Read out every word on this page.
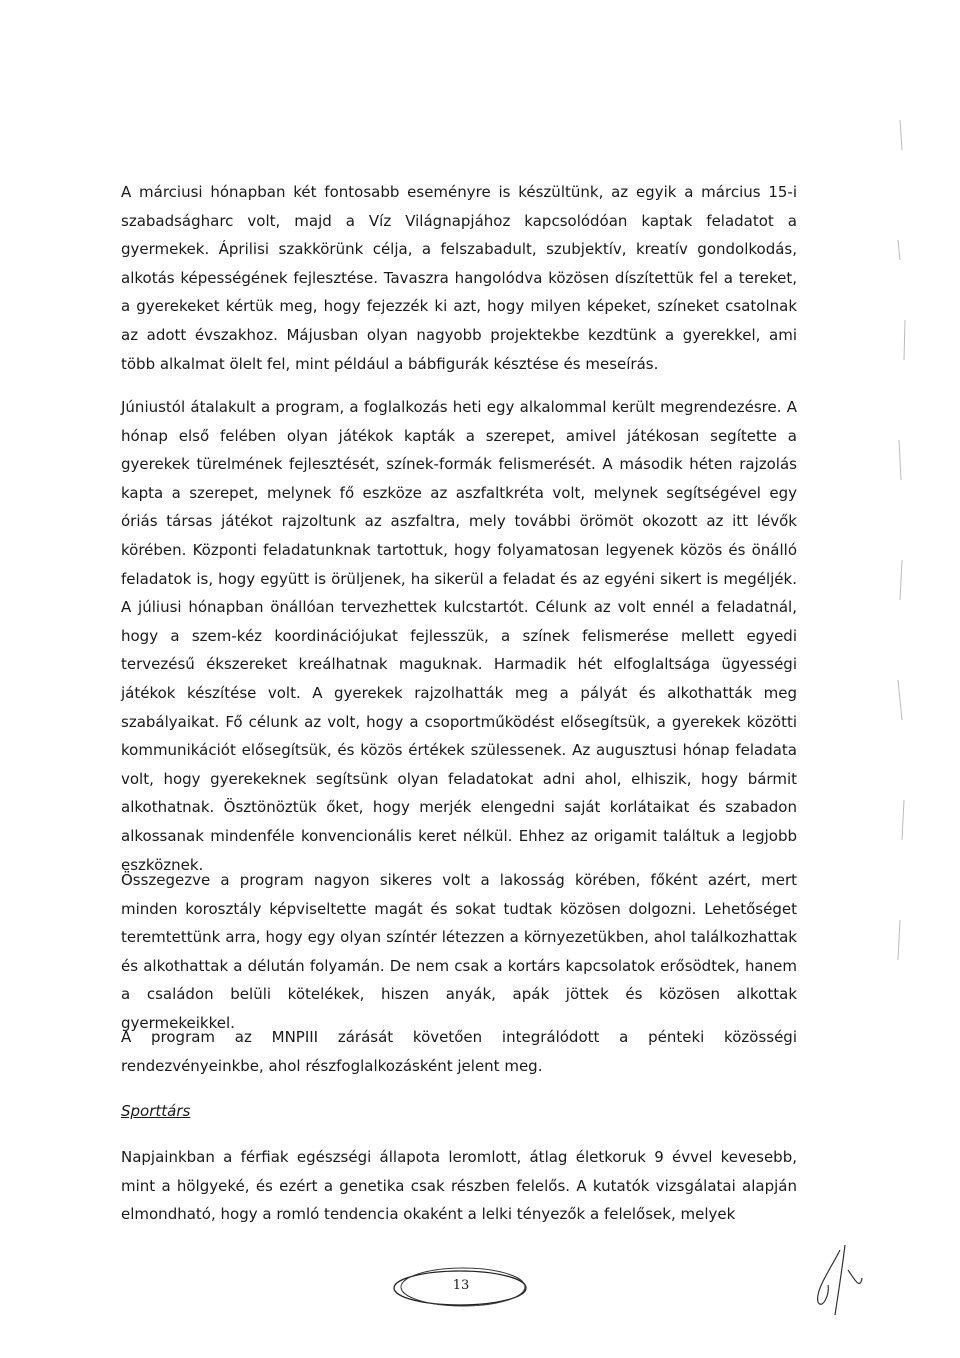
A márciusi hónapban két fontosabb eseményre is készültünk, az egyik a március 15-i szabadságharc volt, majd a Víz Világnapjához kapcsolódóan kaptak feladatot a gyermekek. Áprilisi szakkörünk célja, a felszabadult, szubjektív, kreatív gondolkodás, alkotás képességének fejlesztése. Tavaszra hangolódva közösen díszítettük fel a tereket, a gyerekeket kértük meg, hogy fejezzék ki azt, hogy milyen képeket, színeket csatolnak az adott évszakhoz. Májusban olyan nagyobb projektekbe kezdtünk a gyerekkel, ami több alkalmat ölelt fel, mint például a bábfigurák késztése és meseírás.

Júniustól átalakult a program, a foglalkozás heti egy alkalommal került megrendezésre. A hónap első felében olyan játékok kapták a szerepet, amivel játékosan segítette a gyerekek türelmének fejlesztését, színek-formák felismerését. A második héten rajzolás kapta a szerepet, melynek fő eszköze az aszfaltkréta volt, melynek segítségével egy óriás társas játékot rajzoltunk az aszfaltra, mely további örömöt okozott az itt lévők körében. Központi feladatunknak tartottuk, hogy folyamatosan legyenek közös és önálló feladatok is, hogy együtt is örüljenek, ha sikerül a feladat és az egyéni sikert is megéljék. A júliusi hónapban önállóan tervezhettek kulcstartót. Célunk az volt ennél a feladatnál, hogy a szem-kéz koordinációjukat fejlesszük, a színek felismerése mellett egyedi tervezésű ékszereket kreálhatnak maguknak. Harmadik hét elfoglaltsága ügyességi játékok készítése volt. A gyerekek rajzolhatták meg a pályát és alkothatták meg szabályaikat. Fő célunk az volt, hogy a csoportműködést elősegítsük, a gyerekek közötti kommunikációt elősegítsük, és közös értékek szülessenek. Az augusztusi hónap feladata volt, hogy gyerekeknek segítsünk olyan feladatokat adni ahol, elhiszik, hogy bármit alkothatnak. Ösztönöztük őket, hogy merjék elengedni saját korlátaikat és szabadon alkossanak mindenféle konvencionális keret nélkül. Ehhez az origamit találtuk a legjobb eszköznek.

Összegezve a program nagyon sikeres volt a lakosság körében, főként azért, mert minden korosztály képviseltette magát és sokat tudtak közösen dolgozni. Lehetőséget teremtettünk arra, hogy egy olyan színtér létezzen a környezetükben, ahol találkozhattak és alkothattak a délután folyamán. De nem csak a kortárs kapcsolatok erősödtek, hanem a családon belüli kötelékek, hiszen anyák, apák jöttek és közösen alkottak gyermekeikkel.

A program az MNPIII zárását követően integrálódott a pénteki közösségi rendezvényeinkbe, ahol részfoglalkozásként jelent meg.

Sporttárs

Napjainkban a férfiak egészségi állapota leromlott, átlag életkoruk 9 évvel kevesebb, mint a hölgyeké, és ezért a genetika csak részben felelős. A kutatók vizsgálatai alapján elmondható, hogy a romló tendencia okaként a lelki tényezők a felelősek, melyek

13
